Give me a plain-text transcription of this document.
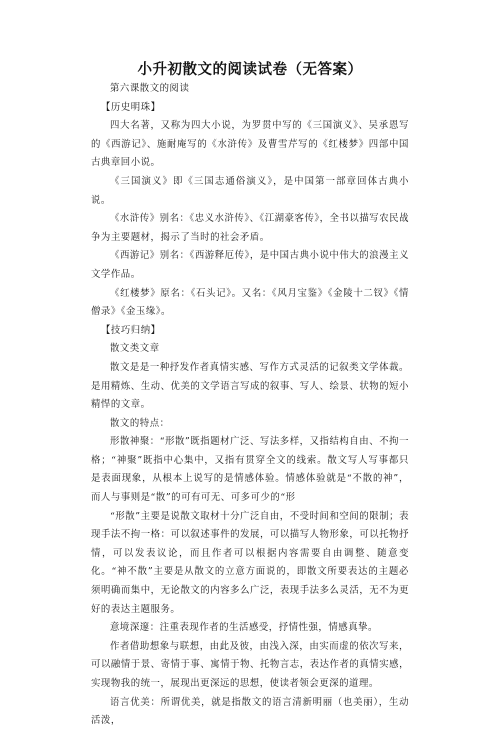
小升初散文的阅读试卷（无答案）

第六课散文的阅读

【历史明珠】

四大名著，又称为四大小说，为罗贯中写的《三国演义》、吴承恩写的《西游记》、施耐庵写的《水浒传》及曹雪芹写的《红楼梦》四部中国古典章回小说。

《三国演义》即《三国志通俗演义》，是中国第一部章回体古典小说。

《水浒传》别名：《忠义水浒传》、《江湖豪客传》，全书以描写农民战争为主要题材，揭示了当时的社会矛盾。

《西游记》别名：《西游释厄传》，是中国古典小说中伟大的浪漫主义文学作品。

《红楼梦》原名：《石头记》。又名：《风月宝鉴》《金陵十二钗》《情僧录》《金玉缘》。

【技巧归纳】

散文类文章

散文是是一种抒发作者真情实感、写作方式灵活的记叙类文学体裁。是用精炼、生动、优美的文学语言写成的叙事、写人、绘景、状物的短小精悍的文章。

散文的特点：

形散神聚：“形散”既指题材广泛、写法多样，又指结构自由、不拘一格；“神聚”既指中心集中，又指有贯穿全文的线索。散文写人写事都只是表面现象，从根本上说写的是情感体验。情感体验就是“不散的神”，而人与事则是“散”的可有可无、可多可少的“形

“形散”主要是说散文取材十分广泛自由，不受时间和空间的限制；表现手法不拘一格：可以叙述事件的发展，可以描写人物形象，可以托物抒情，可以发表议论，而且作者可以根据内容需要自由调整、随意变化。“神不散”主要是从散文的立意方面说的，即散文所要表达的主题必须明确而集中，无论散文的内容多么广泛，表现手法多么灵活，无不为更好的表达主题服务。

意境深邃：注重表现作者的生活感受，抒情性强，情感真挚。

作者借助想象与联想，由此及彼，由浅入深，由实而虚的依次写来，可以融情于景、寄情于事、寓情于物、托物言志，表达作者的真情实感，实现物我的统一，展现出更深远的思想，使读者领会更深的道理。

语言优美：所谓优美，就是指散文的语言清新明丽（也美丽），生动活泼，
